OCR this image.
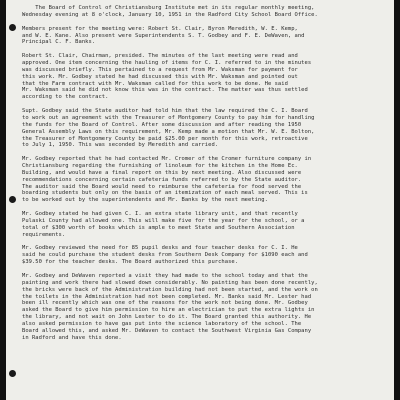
The Board of Control of Christiansburg Institute met in its regular monthly meeting,
Wednesday evening at 8 o'clock, January 10, 1951 in the Radford City School Board Office.
Members present for the meeting were: Robert St. Clair, Byron Meredith, W. E. Kemp,
and W. E. Kane. Also present were Superintendents S. T. Godbey and F. E. DeWaven, and
Principal C. F. Banks.
Robert St. Clair, Chairman, presided. The minutes of the last meeting were read and
approved. One item concerning the hauling of items for C. I. referred to in the minutes
was discussed briefly. This pertained to a request from Mr. Waksman for payment for
this work. Mr. Godbey stated he had discussed this with Mr. Waksman and pointed out
that the Farm contract with Mr. Waksman called for this work to be done. He said
Mr. Waksman said he did not know this was in the contract. The matter was thus settled
according to the contract.
Supt. Godbey said the State auditor had told him that the law required the C. I. Board
to work out an agreement with the Treasurer of Montgomery County to pay him for handling
the funds for the Board of Control. After some discussion and after reading the 1950
General Assembly Laws on this requirement, Mr. Kemp made a motion that Mr. W. E. Bolton,
the Treasurer of Montgomery County be paid $25.00 per month for this work, retroactive
to July 1, 1950. This was seconded by Meredith and carried.
Mr. Godbey reported that he had contacted Mr. Cromer of the Cromer furniture company in
Christiansburg regarding the furnishing of linoleum for the kitchen in the Home Ec.
Building, and would have a final report on this by next meeting. Also discussed were
recommendations concerning certain cafeteria funds referred to by the State auditor.
The auditor said the Board would need to reimburse the cafeteria for food served the
boarding students but only on the basis of an itemization of each meal served. This is
to be worked out by the superintendents and Mr. Banks by the next meeting.
Mr. Godbey stated he had given C. I. an extra state library unit, and that recently
Pulaski County had allowed one. This will make five for the year for the school, or a
total of $300 worth of books which is ample to meet State and Southern Association
requirements.
Mr. Godbey reviewed the need for 85 pupil desks and four teacher desks for C. I. He
said he could purchase the student desks from Southern Desk Company for $1090 each and
$39.50 for the teacher desks. The Board authorized this purchase.
Mr. Godbey and DeWaven reported a visit they had made to the school today and that the
painting and work there had slowed down considerably. No painting has been done recently,
the bricks were back of the Administration building had not been started, and the work on
the toilets in the Administration had not been completed. Mr. Banks said Mr. Lester had
been ill recently which was one of the reasons for the work not being done. Mr. Godbey
asked the Board to give him permission to hire an electrician to put the extra lights in
the library, and not wait on John Lester to do it. The Board granted this authority. He
also asked permission to have gas put into the science laboratory of the school. The
Board allowed this, and asked Mr. DeWaven to contact the Southwest Virginia Gas Company
in Radford and have this done.
